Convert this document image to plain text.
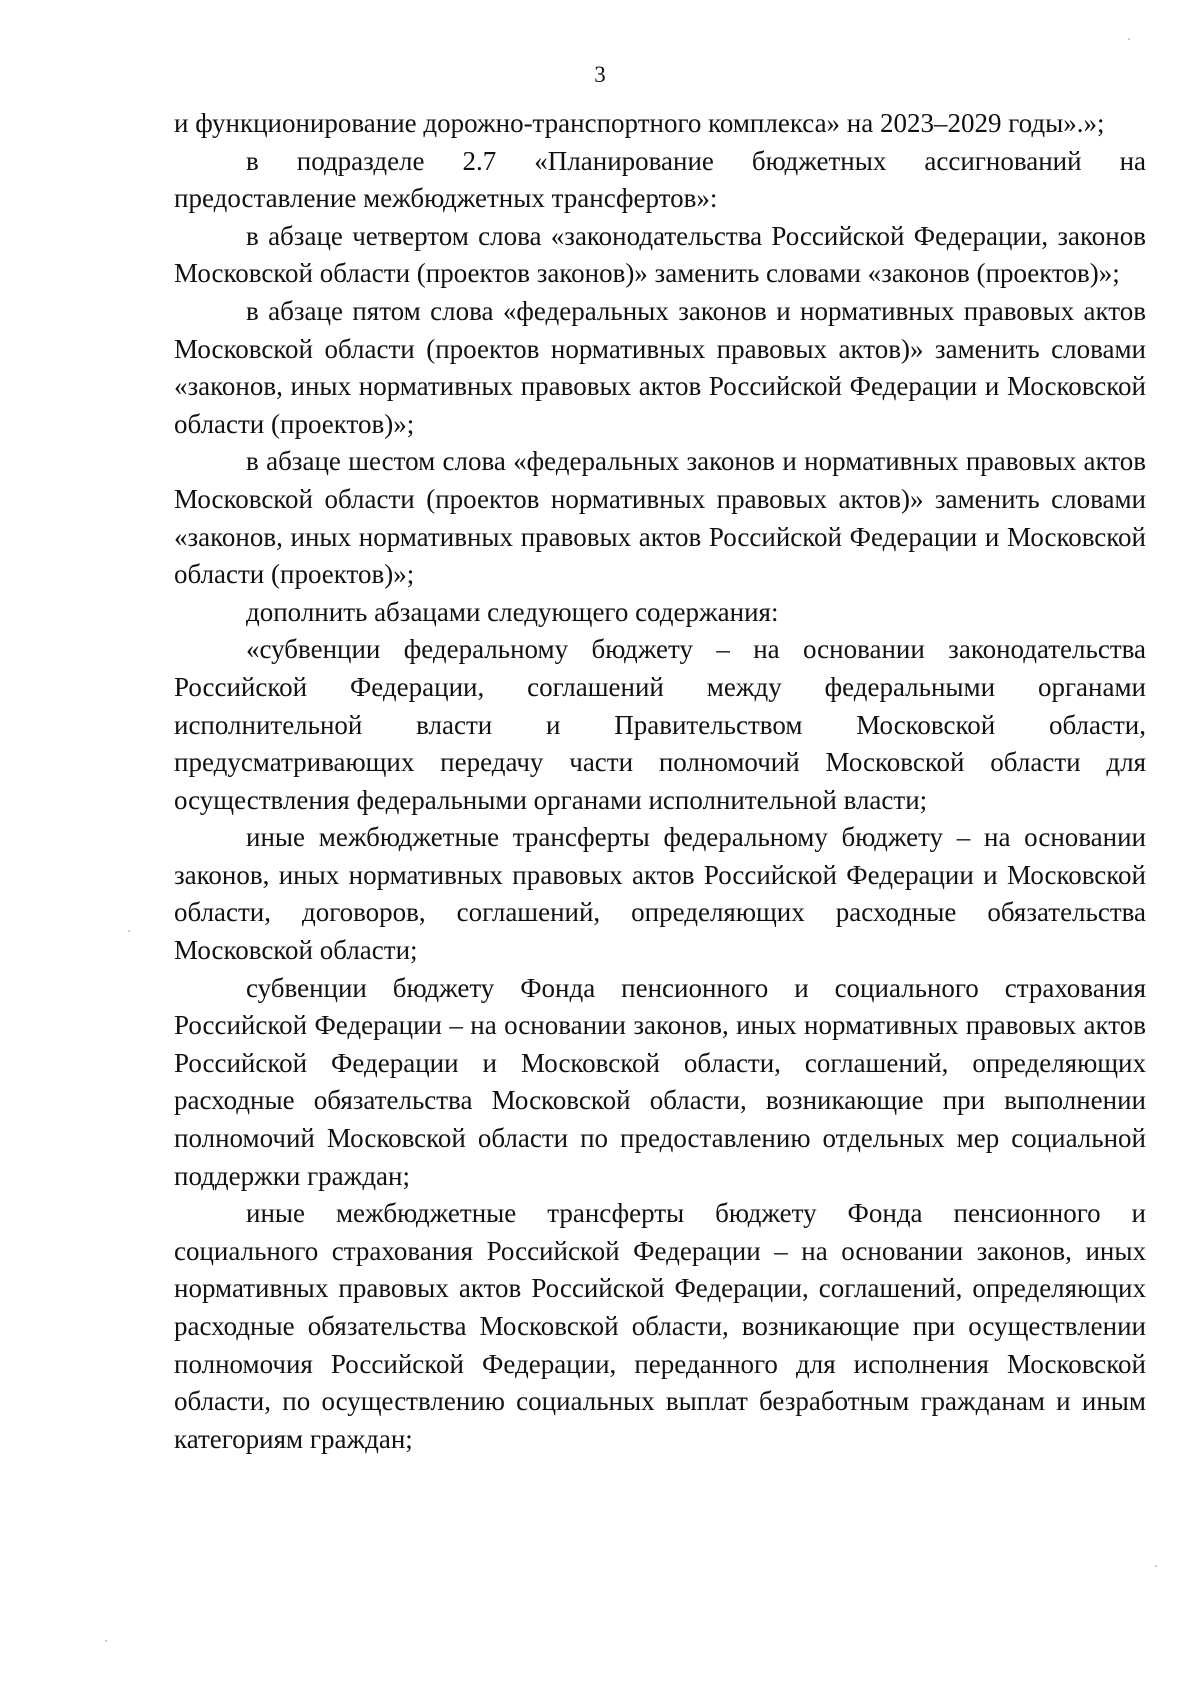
3

и функционирование дорожно-транспортного комплекса» на 2023–2029 годы».»;

в подразделе 2.7 «Планирование бюджетных ассигнований на предоставление межбюджетных трансфертов»:

в абзаце четвертом слова «законодательства Российской Федерации, законов Московской области (проектов законов)» заменить словами «законов (проектов)»;

в абзаце пятом слова «федеральных законов и нормативных правовых актов Московской области (проектов нормативных правовых актов)» заменить словами «законов, иных нормативных правовых актов Российской Федерации и Московской области (проектов)»;

в абзаце шестом слова «федеральных законов и нормативных правовых актов Московской области (проектов нормативных правовых актов)» заменить словами «законов, иных нормативных правовых актов Российской Федерации и Московской области (проектов)»;

дополнить абзацами следующего содержания:

«субвенции федеральному бюджету – на основании законодательства Российской Федерации, соглашений между федеральными органами исполнительной власти и Правительством Московской области, предусматривающих передачу части полномочий Московской области для осуществления федеральными органами исполнительной власти;

иные межбюджетные трансферты федеральному бюджету – на основании законов, иных нормативных правовых актов Российской Федерации и Московской области, договоров, соглашений, определяющих расходные обязательства Московской области;

субвенции бюджету Фонда пенсионного и социального страхования Российской Федерации – на основании законов, иных нормативных правовых актов Российской Федерации и Московской области, соглашений, определяющих расходные обязательства Московской области, возникающие при выполнении полномочий Московской области по предоставлению отдельных мер социальной поддержки граждан;

иные межбюджетные трансферты бюджету Фонда пенсионного и социального страхования Российской Федерации – на основании законов, иных нормативных правовых актов Российской Федерации, соглашений, определяющих расходные обязательства Московской области, возникающие при осуществлении полномочия Российской Федерации, переданного для исполнения Московской области, по осуществлению социальных выплат безработным гражданам и иным категориям граждан;
